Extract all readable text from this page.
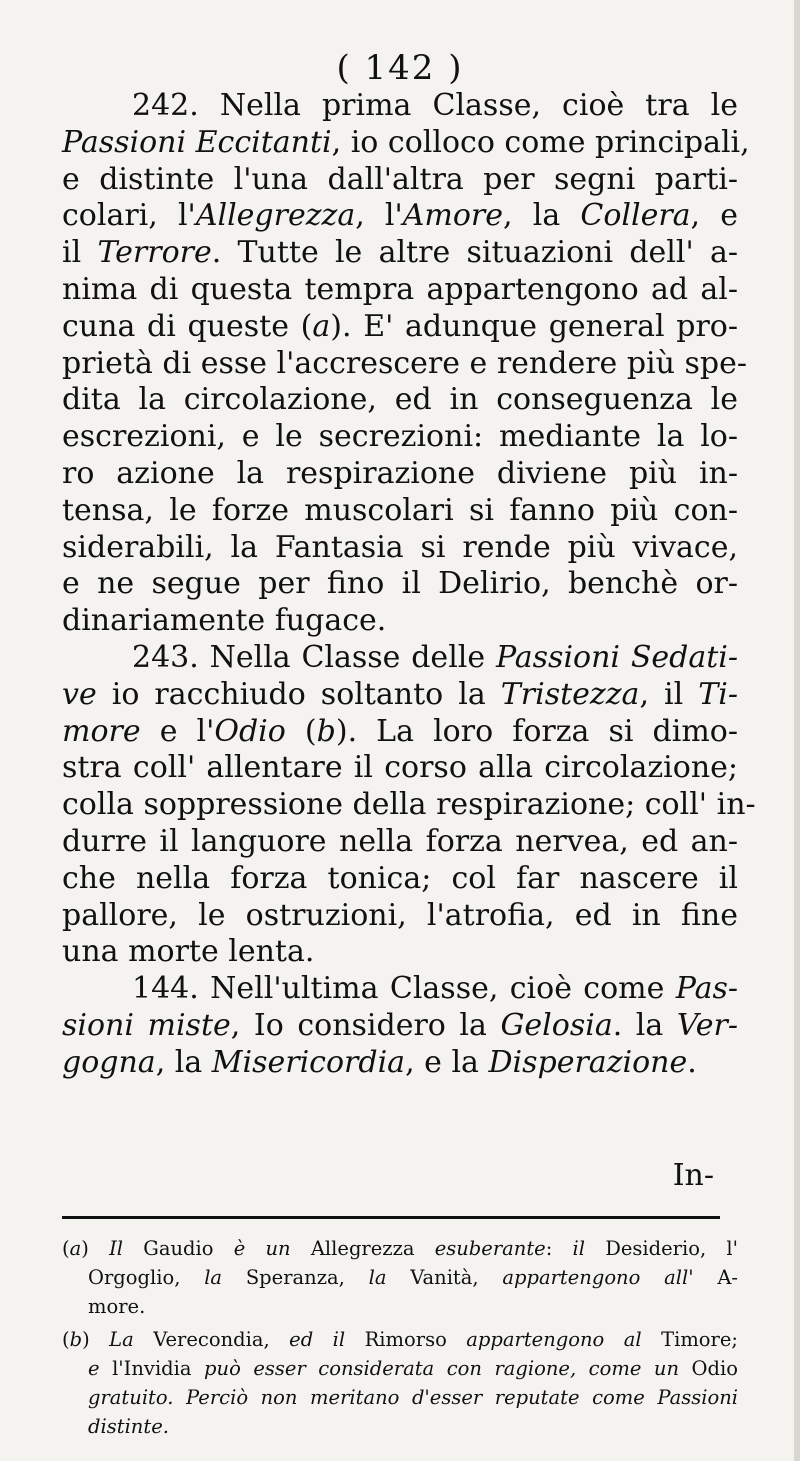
( 142 )
242. Nella prima Classe, cioè tra le
Passioni Eccitanti, io colloco come principali,
e distinte l'una dall'altra per segni parti-
colari, l'Allegrezza, l'Amore, la Collera, e
il Terrore. Tutte le altre situazioni dell' a-
nima di questa tempra appartengono ad al-
cuna di queste (a). E' adunque general pro-
prietà di esse l'accrescere e rendere più spe-
dita la circolazione, ed in conseguenza le
escrezioni, e le secrezioni: mediante la lo-
ro azione la respirazione diviene più in-
tensa, le forze muscolari si fanno più con-
siderabili, la Fantasia si rende più vivace,
e ne segue per fino il Delirio, benchè or-
dinariamente fugace.
243. Nella Classe delle Passioni Sedati-
ve io racchiudo soltanto la Tristezza, il Ti-
more e l'Odio (b). La loro forza si dimo-
stra coll' allentare il corso alla circolazione;
colla soppressione della respirazione; coll' in-
durre il languore nella forza nervea, ed an-
che nella forza tonica; col far nascere il
pallore, le ostruzioni, l'atrofia, ed in fine
una morte lenta.
144. Nell'ultima Classe, cioè come Pas-
sioni miste, Io considero la Gelosia. la Ver-
gogna, la Misericordia, e la Disperazione.
In-
(a) Il Gaudio è un Allegrezza esuberante: il Desiderio, l'
Orgoglio, la Speranza, la Vanità, appartengono all' A-
more.
(b) La Verecondia, ed il Rimorso appartengono al Timore;
e l'Invidia può esser considerata con ragione, come un Odio
gratuito. Perciò non meritano d'esser reputate come Passioni
distinte.
